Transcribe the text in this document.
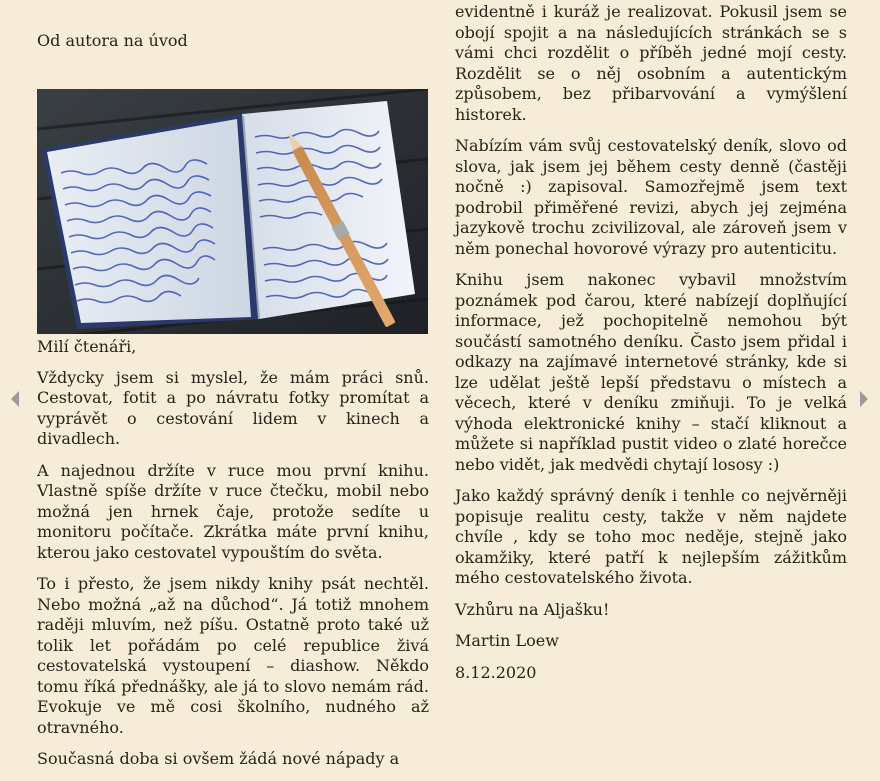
Od autora na úvod

Milí čtenáři,

Vždycky jsem si myslel, že mám práci snů. Cestovat, fotit a po návratu fotky promítat a vyprávět o cestování lidem v kinech a divadlech.

A najednou držíte v ruce mou první knihu. Vlastně spíše držíte v ruce čtečku, mobil nebo možná jen hrnek čaje, protože sedíte u monitoru počítače. Zkrátka máte první knihu, kterou jako cestovatel vypouštím do světa.

To i přesto, že jsem nikdy knihy psát nechtěl. Nebo možná „až na důchod“. Já totiž mnohem raději mluvím, než píšu. Ostatně proto také už tolik let pořádám po celé republice živá cestovatelská vystoupení – diashow. Někdo tomu říká přednášky, ale já to slovo nemám rád. Evokuje ve mě cosi školního, nudného až otravného.

Současná doba si ovšem žádá nové nápady a

evidentně i kuráž je realizovat. Pokusil jsem se obojí spojit a na následujících stránkách se s vámi chci rozdělit o příběh jedné mojí cesty. Rozdělit se o něj osobním a autentickým způsobem, bez přibarvování a vymýšlení historek.

Nabízím vám svůj cestovatelský deník, slovo od slova, jak jsem jej během cesty denně (častěji nočně :) zapisoval. Samozřejmě jsem text podrobil přiměřené revizi, abych jej zejména jazykově trochu zcivilizoval, ale zároveň jsem v něm ponechal hovorové výrazy pro autenticitu.

Knihu jsem nakonec vybavil množstvím poznámek pod čarou, které nabízejí doplňující informace, jež pochopitelně nemohou být součástí samotného deníku. Často jsem přidal i odkazy na zajímavé internetové stránky, kde si lze udělat ještě lepší představu o místech a věcech, které v deníku zmiňuji. To je velká výhoda elektronické knihy – stačí kliknout a můžete si například pustit video o zlaté horečce nebo vidět, jak medvědi chytají lososy :)

Jako každý správný deník i tenhle co nejvěrněji popisuje realitu cesty, takže v něm najdete chvíle , kdy se toho moc neděje, stejně jako okamžiky, které patří k nejlepším zážitkům mého cestovatelského života.

Vzhůru na Aljašku!

Martin Loew

8.12.2020
